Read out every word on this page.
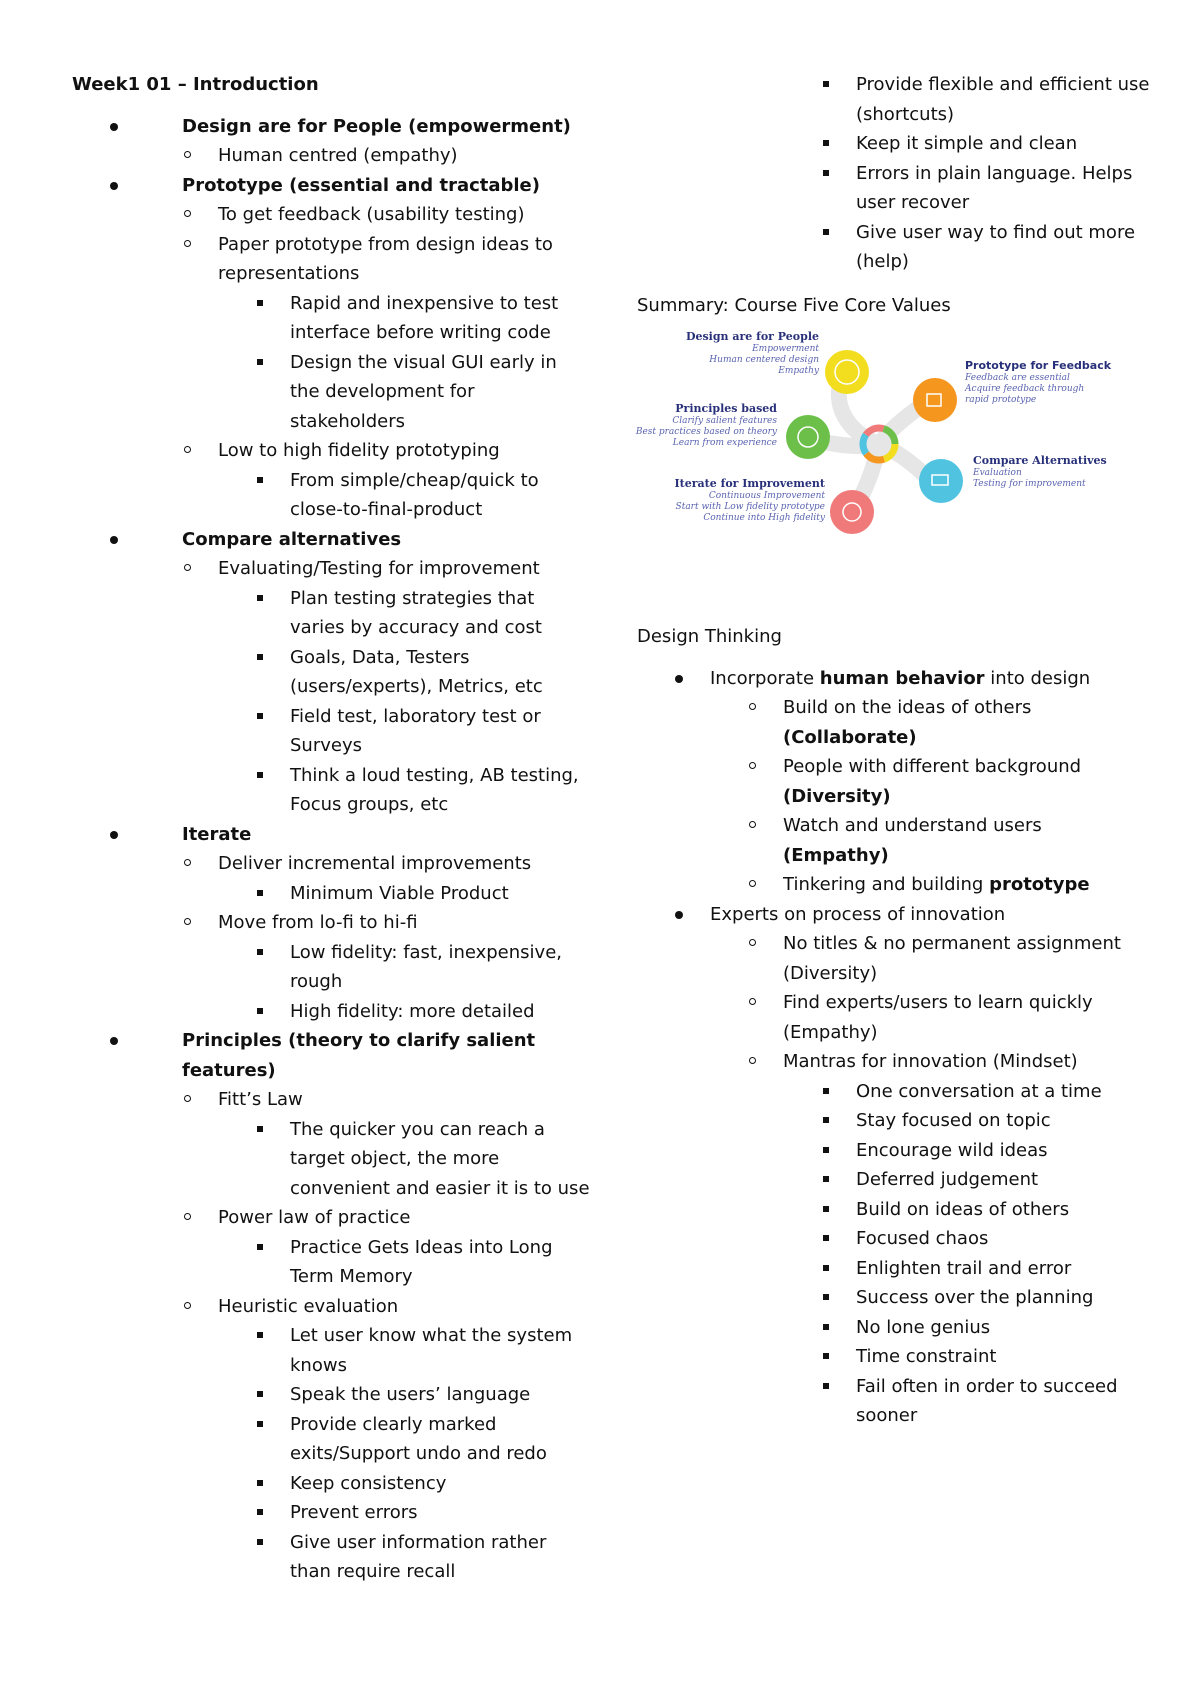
Week1 01 – Introduction
Design are for People (empowerment)
Human centred (empathy)
Prototype (essential and tractable)
To get feedback (usability testing)
Paper prototype from design ideas to representations
Rapid and inexpensive to test interface before writing code
Design the visual GUI early in the development for stakeholders
Low to high fidelity prototyping
From simple/cheap/quick to close-to-final-product
Compare alternatives
Evaluating/Testing for improvement
Plan testing strategies that varies by accuracy and cost
Goals, Data, Testers (users/experts), Metrics, etc
Field test, laboratory test or Surveys
Think a loud testing, AB testing, Focus groups, etc
Iterate
Deliver incremental improvements
Minimum Viable Product
Move from lo-fi to hi-fi
Low fidelity: fast, inexpensive, rough
High fidelity: more detailed
Principles (theory to clarify salient features)
Fitt’s Law
The quicker you can reach a target object, the more convenient and easier it is to use
Power law of practice
Practice Gets Ideas into Long Term Memory
Heuristic evaluation
Let user know what the system knows
Speak the users’ language
Provide clearly marked exits/Support undo and redo
Keep consistency
Prevent errors
Give user information rather than require recall
Provide flexible and efficient use (shortcuts)
Keep it simple and clean
Errors in plain language. Helps user recover
Give user way to find out more (help)
Summary: Course Five Core Values
Design are for People
Empowerment
Human centered design
Empathy	Prototype for Feedback
Feedback are essential
Acquire feedback through
rapid prototype
Principles based
Clarify salient features
Best practices based on theory
Learn from experience
Compare Alternatives
Evaluation
Testing for improvement
Iterate for Improvement
Continuous Improvement
Start with Low fidelity prototype
Continue into High fidelity
Design Thinking
Incorporate human behavior into design
Build on the ideas of others
(Collaborate)
People with different background
(Diversity)
Watch and understand users
(Empathy)
Tinkering and building prototype
Experts on process of innovation
No titles & no permanent assignment (Diversity)
Find experts/users to learn quickly (Empathy)
Mantras for innovation (Mindset)
One conversation at a time
Stay focused on topic
Encourage wild ideas
Deferred judgement
Build on ideas of others
Focused chaos
Enlighten trail and error
Success over the planning
No lone genius
Time constraint
Fail often in order to succeed sooner
